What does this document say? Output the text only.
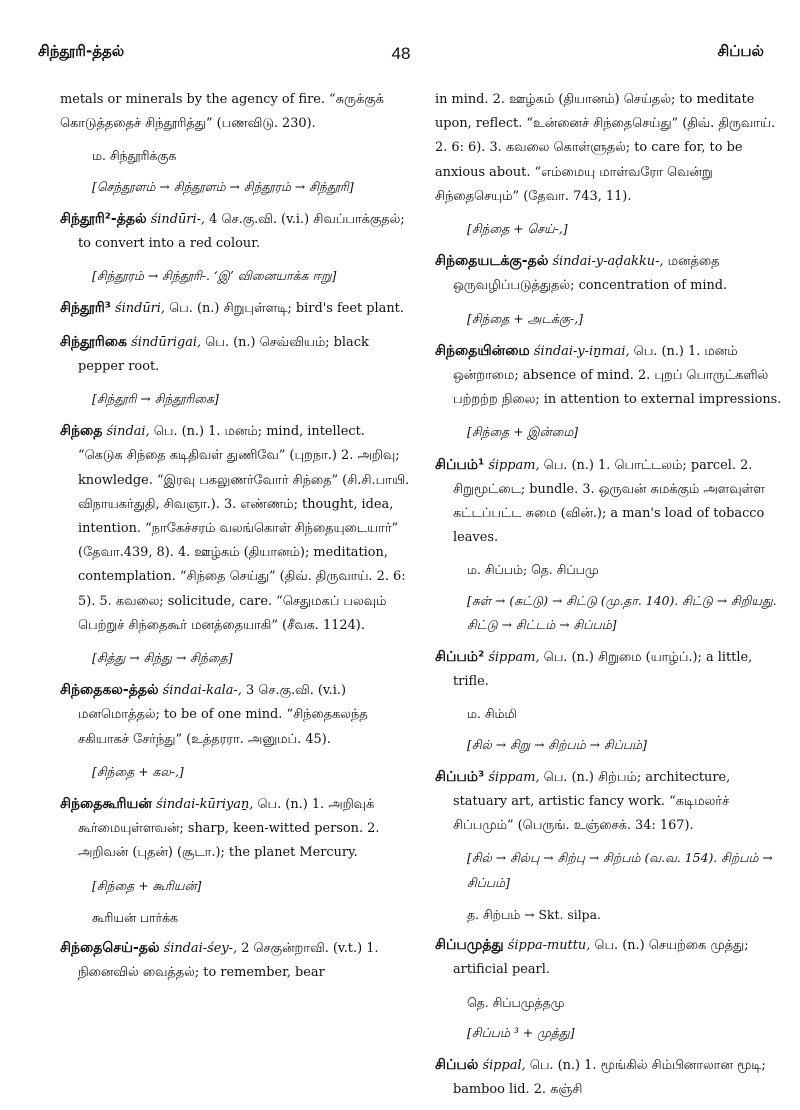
சிந்தூரி-த்தல்	48	சிப்பல்

metals or minerals by the agency of fire. “சுருக்குக் கொடுத்ததைச் சிந்தூரித்து” (பணவிடு. 230).

ம. சிந்தூரிக்குக

[செந்தூளம் → சிந்தூளம் → சிந்தூரம் → சிந்தூரி]

சிந்தூரி²-த்தல் śindūri-, 4 செ.கு.வி. (v.i.) சிவப்பாக்குதல்; to convert into a red colour.

[சிந்தூரம் → சிந்தூரி-. ‘இ’ வினையாக்க ஈறு]

சிந்தூரி³ śindūri, பெ. (n.) சிறுபுள்ளடி; bird's feet plant.

சிந்தூரிகை śindūrigai, பெ. (n.) செவ்வியம்; black pepper root.

[சிந்தூரி → சிந்தூரிகை]

சிந்தை śindai, பெ. (n.) 1. மனம்; mind, intellect. “கெடுக சிந்தை கடிதிவள் துணிவே” (புறநா.) 2. அறிவு; knowledge. “இரவு பகலுணர்வோர் சிந்தை” (சி.சி.பாயி. விநாயகர்துதி, சிவஞா.). 3. எண்ணம்; thought, idea, intention. “நாகேச்சரம் வலங்கொள் சிந்தையுடையார்” (தேவா.439, 8). 4. ஊழ்கம் (தியானம்); meditation, contemplation. “சிந்தை செய்து” (திவ். திருவாய். 2. 6: 5). 5. கவலை; solicitude, care. “செதுமகப் பலவும் பெற்றுச் சிந்தைகூர் மனத்தையாகி” (சீவக. 1124).

[சித்து → சிந்து → சிந்தை]

சிந்தைகல-த்தல் śindai-kala-, 3 செ.கு.வி. (v.i.) மனமொத்தல்; to be of one mind. “சிந்தைகலந்த சகியாகச் சேர்ந்து” (உத்தரரா. அனுமப். 45).

[சிந்தை + கல-,]

சிந்தைகூரியன் śindai-kūriyaṉ, பெ. (n.) 1. அறிவுக் கூர்மையுள்ளவன்; sharp, keen-witted person. 2. அறிவன் (புதன்) (சூடா.); the planet Mercury.

[சிந்தை + கூரியன்]

கூரியன் பார்க்க

சிந்தைசெய்-தல் śindai-śey-, 2 செகுன்றாவி. (v.t.) 1. நினைவில் வைத்தல்; to remember, bear

in mind. 2. ஊழ்கம் (தியானம்) செய்தல்; to meditate upon, reflect. “உன்னைச் சிந்தைசெய்து” (திவ். திருவாய். 2. 6: 6). 3. கவலை கொள்ளுதல்; to care for, to be anxious about. “எம்மையு மாள்வரோ வென்று சிந்தைசெயும்” (தேவா. 743, 11).

[சிந்தை + செய்-,]

சிந்தையடக்கு-தல் śindai-y-aḍakku-, மனத்தை ஒருவழிப்படுத்துதல்; concentration of mind.

[சிந்தை + அடக்கு-,]

சிந்தையின்மை śindai-y-iṉmai, பெ. (n.) 1. மனம் ஒன்றாமை; absence of mind. 2. புறப் பொருட்களில் பற்றற்ற நிலை; in attention to external impressions.

[சிந்தை + இன்மை]

சிப்பம்¹ śippam, பெ. (n.) 1. பொட்டலம்; parcel. 2. சிறுமூட்டை; bundle. 3. ஒருவன் சுமக்கும் அளவுள்ள கட்டப்பட்ட சுமை (வின்.); a man's load of tobacco leaves.

ம. சிப்பம்; தெ. சிப்பமு

[சுள் → (சுட்டு) → சிட்டு (மு.தா. 140). சிட்டு → சிறியது. சிட்டு → சிட்டம் → சிப்பம்]

சிப்பம்² śippam, பெ. (n.) சிறுமை (யாழ்ப்.); a little, trifle.

ம. சிம்மி

[சில் → சிறு → சிற்பம் → சிப்பம்]

சிப்பம்³ śippam, பெ. (n.) சிற்பம்; architecture, statuary art, artistic fancy work. “கடிமலர்ச் சிப்பமும்” (பெருங். உஞ்சைக். 34: 167).

[சில் → சில்பு → சிற்பு → சிற்பம் (வ.வ. 154). சிற்பம் → சிப்பம்]

த. சிற்பம் → Skt. silpa.

சிப்பமுத்து śippa-muttu, பெ. (n.) செயற்கை முத்து; artificial pearl.

தெ. சிப்பமுத்தமு

[சிப்பம் ³ + முத்து]

சிப்பல் śippal, பெ. (n.) 1. மூங்கில் சிம்பினாலான மூடி; bamboo lid. 2. கஞ்சி
